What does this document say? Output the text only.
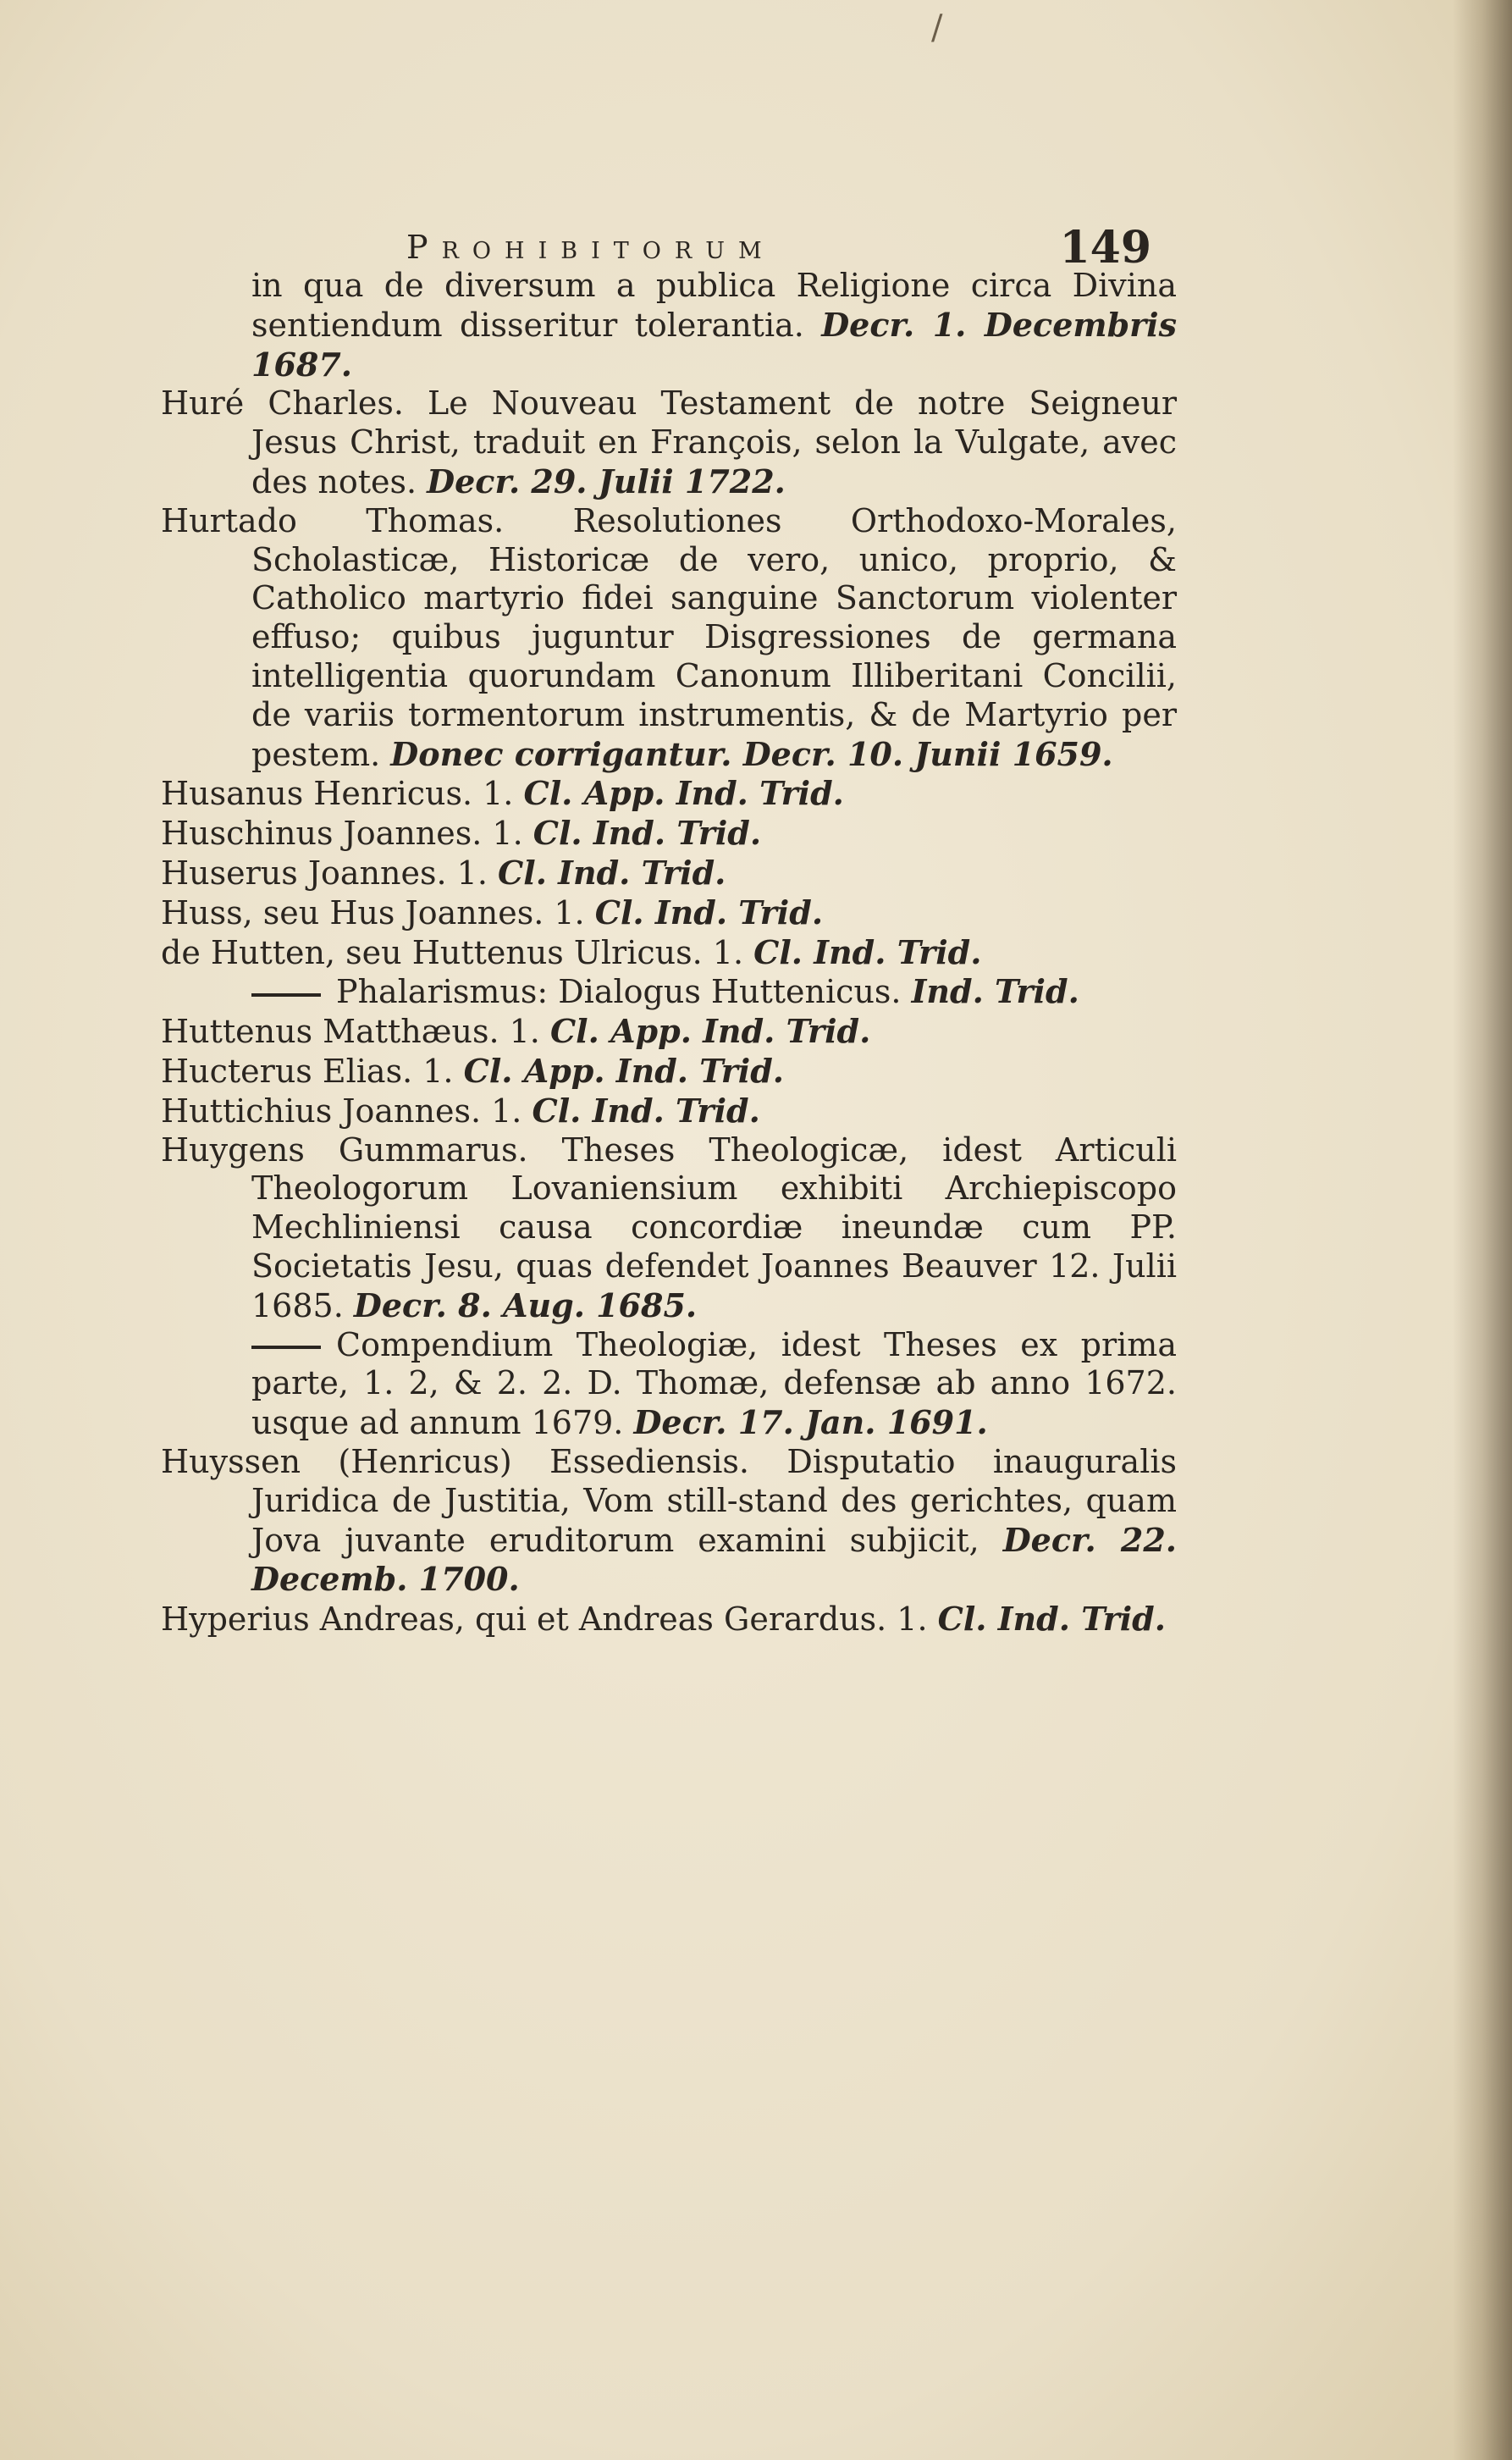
/
Prohibitorum	149

in qua de diversum a publica Religione circa Divina sentiendum disseritur tolerantia. Decr. 1. Decembris 1687.

Huré Charles. Le Nouveau Testament de notre Seigneur Jesus Christ, traduit en François, selon la Vulgate, avec des notes. Decr. 29. Julii 1722.

Hurtado Thomas. Resolutiones Orthodoxo-Morales, Scholasticæ, Historicæ de vero, unico, proprio, & Catholico martyrio fidei sanguine Sanctorum violenter effuso; quibus juguntur Disgressiones de germana intelligentia quorundam Canonum Illiberitani Concilii, de variis tormentorum instrumentis, & de Martyrio per pestem. Donec corrigantur. Decr. 10. Junii 1659.

Husanus Henricus. 1. Cl. App. Ind. Trid.

Huschinus Joannes. 1. Cl. Ind. Trid.

Huserus Joannes. 1. Cl. Ind. Trid.

Huss, seu Hus Joannes. 1. Cl. Ind. Trid.

de Hutten, seu Huttenus Ulricus. 1. Cl. Ind. Trid.

Phalarismus: Dialogus Huttenicus. Ind. Trid.

Huttenus Matthæus. 1. Cl. App. Ind. Trid.

Hucterus Elias. 1. Cl. App. Ind. Trid.

Huttichius Joannes. 1. Cl. Ind. Trid.

Huygens Gummarus. Theses Theologicæ, idest Articuli Theologorum Lovaniensium exhibiti Archiepiscopo Mechliniensi causa concordiæ ineundæ cum PP. Societatis Jesu, quas defendet Joannes Beauver 12. Julii 1685. Decr. 8. Aug. 1685.

Compendium Theologiæ, idest Theses ex prima parte, 1. 2, & 2. 2. D. Thomæ, defensæ ab anno 1672. usque ad annum 1679. Decr. 17. Jan. 1691.

Huyssen (Henricus) Essediensis. Disputatio inauguralis Juridica de Justitia, Vom still-stand des gerichtes, quam Jova juvante eruditorum examini subjicit, Decr. 22. Decemb. 1700.

Hyperius Andreas, qui et Andreas Gerardus. 1. Cl. Ind. Trid.
